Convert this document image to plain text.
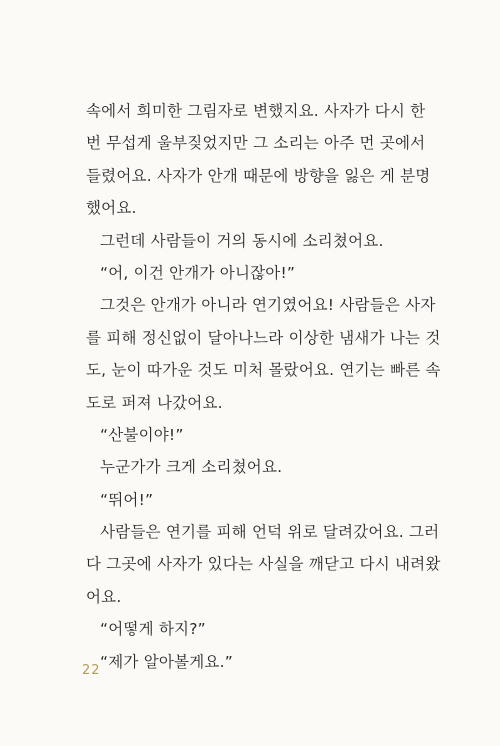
속에서 희미한 그림자로 변했지요. 사자가 다시 한
번 무섭게 울부짖었지만 그 소리는 아주 먼 곳에서
들렸어요. 사자가 안개 때문에 방향을 잃은 게 분명
했어요.
그런데 사람들이 거의 동시에 소리쳤어요.
“어, 이건 안개가 아니잖아!”
그것은 안개가 아니라 연기였어요! 사람들은 사자
를 피해 정신없이 달아나느라 이상한 냄새가 나는 것
도, 눈이 따가운 것도 미처 몰랐어요. 연기는 빠른 속
도로 퍼져 나갔어요.
“산불이야!”
누군가가 크게 소리쳤어요.
“뛰어!”
사람들은 연기를 피해 언덕 위로 달려갔어요. 그러
다 그곳에 사자가 있다는 사실을 깨닫고 다시 내려왔
어요.
“어떻게 하지?”
“제가 알아볼게요.”
22
